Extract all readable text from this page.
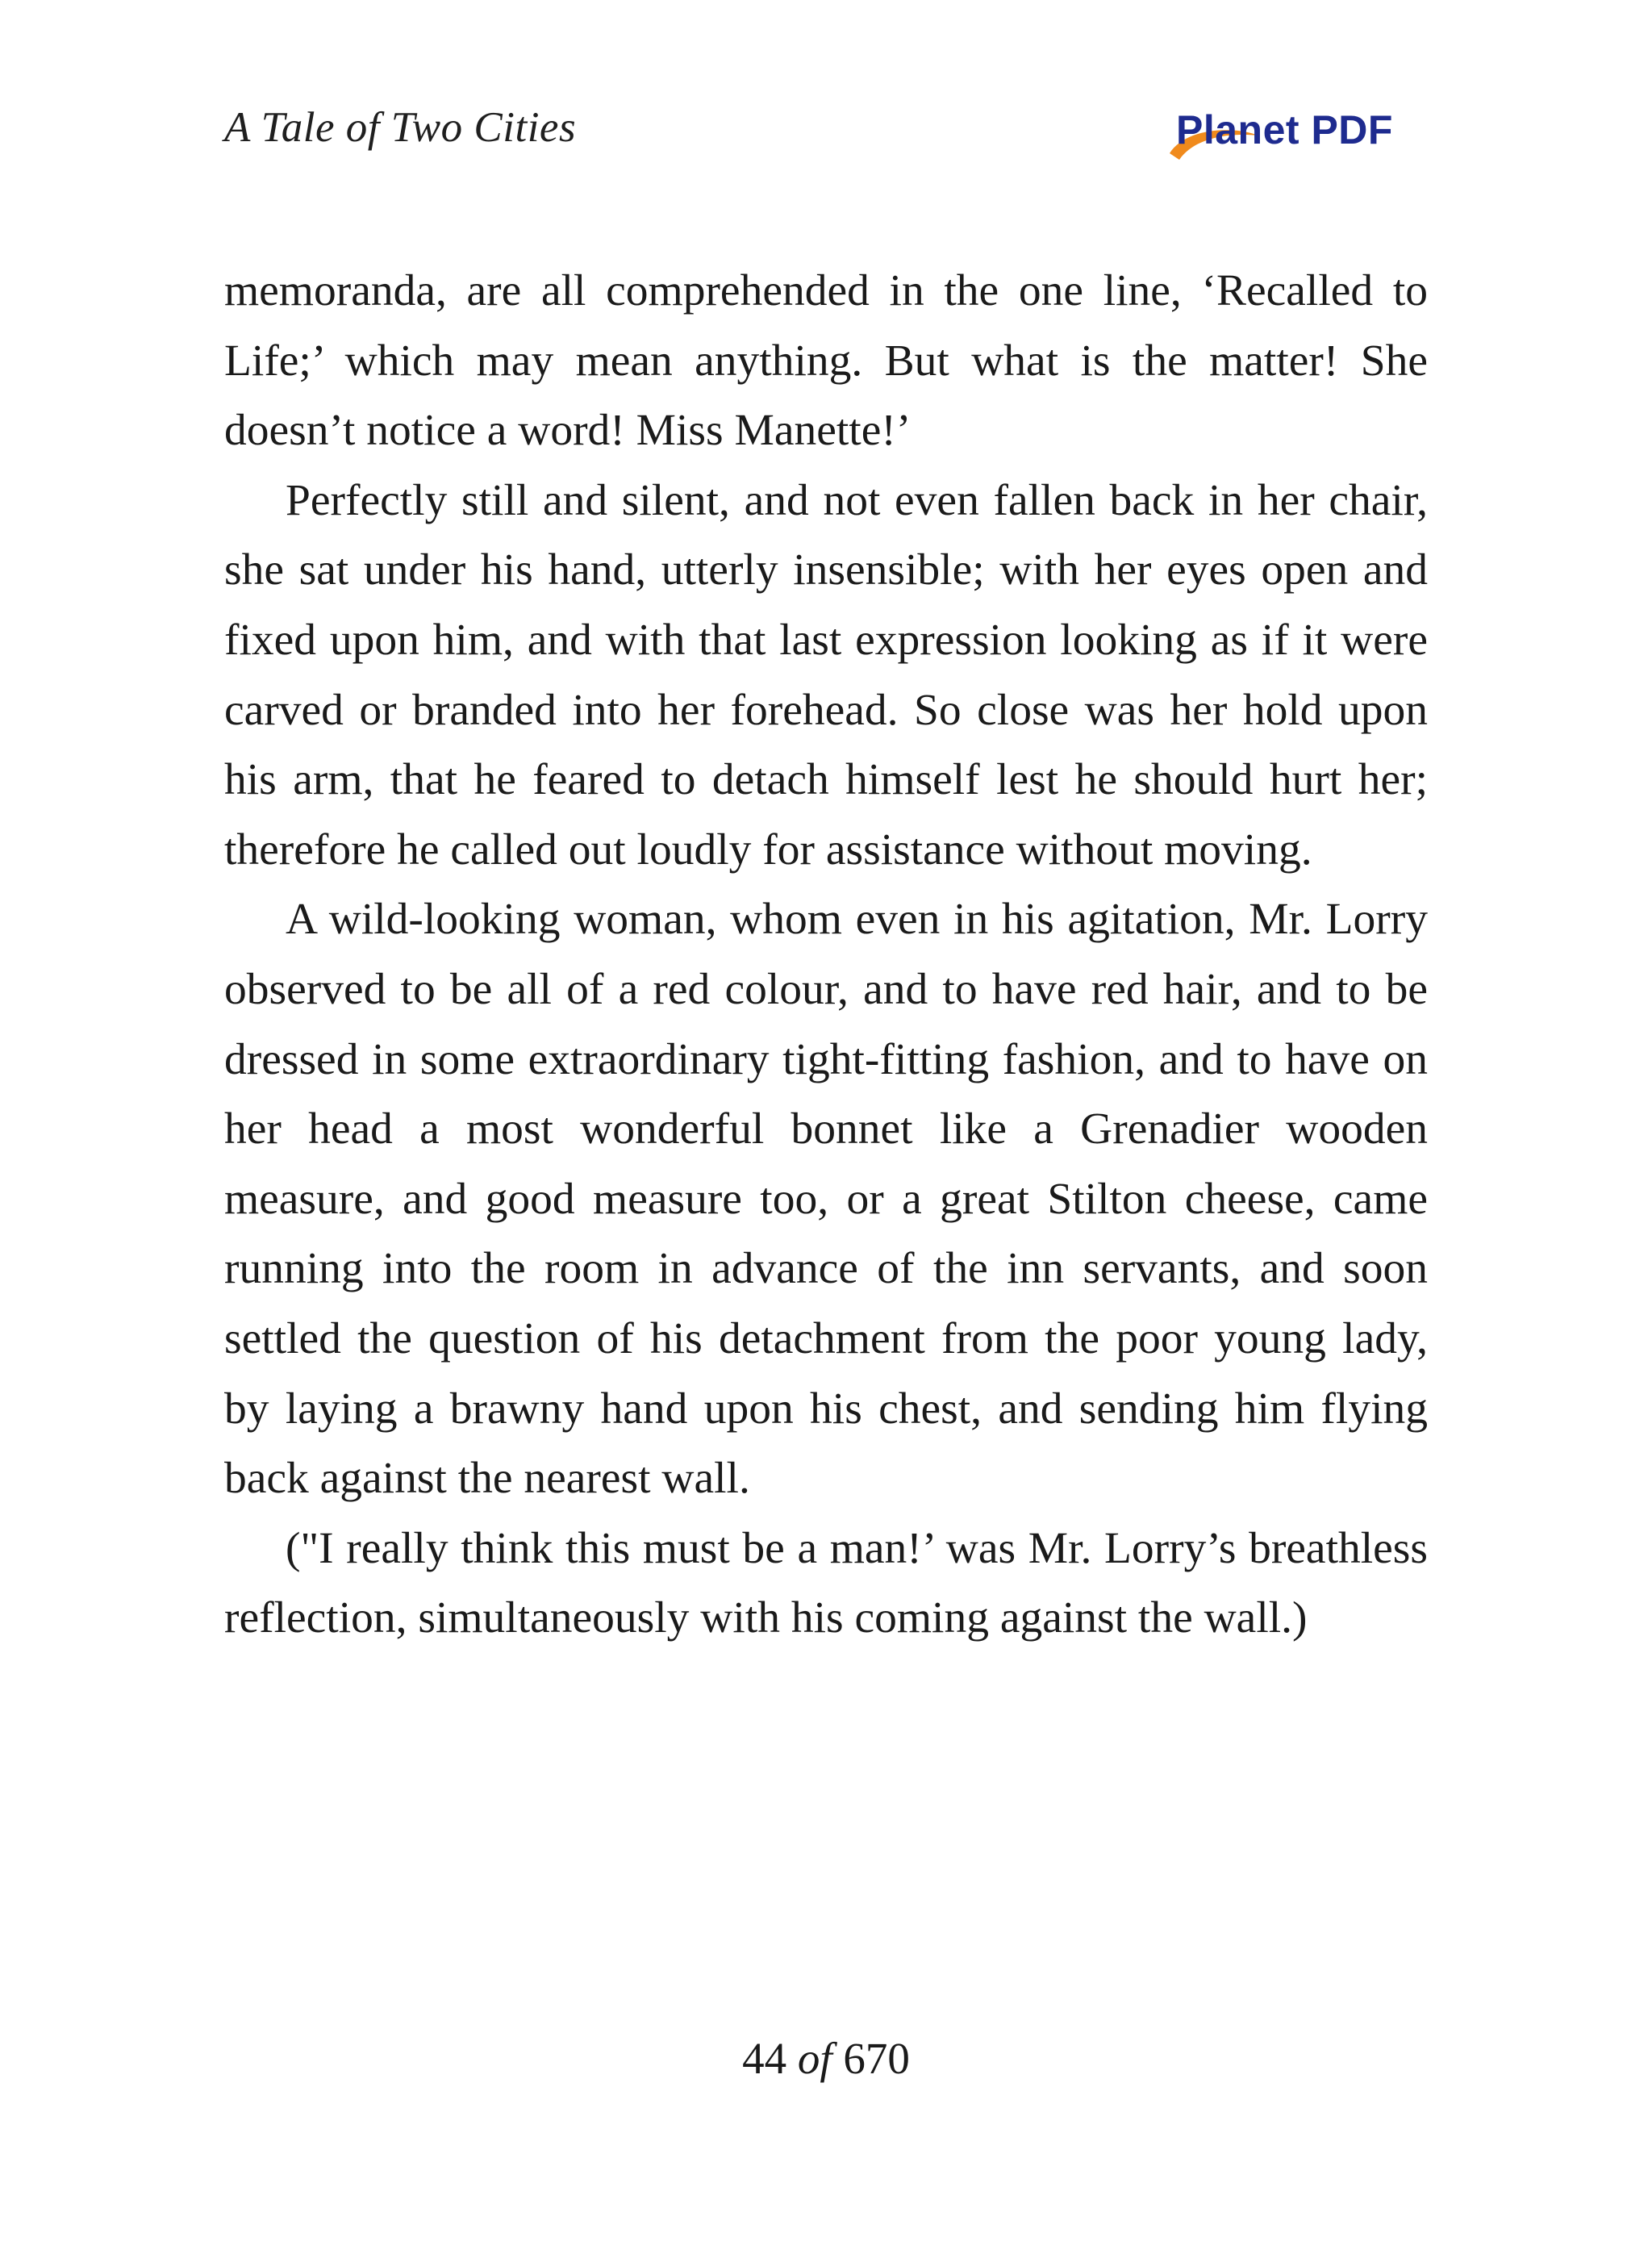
A Tale of Two Cities	Planet PDF

memoranda, are all comprehended in the one line, ‘Recalled to Life;’ which may mean anything. But what is the matter! She doesn’t notice a word! Miss Manette!’

Perfectly still and silent, and not even fallen back in her chair, she sat under his hand, utterly insensible; with her eyes open and fixed upon him, and with that last expression looking as if it were carved or branded into her forehead. So close was her hold upon his arm, that he feared to detach himself lest he should hurt her; therefore he called out loudly for assistance without moving.

A wild-looking woman, whom even in his agitation, Mr. Lorry observed to be all of a red colour, and to have red hair, and to be dressed in some extraordinary tight-fitting fashion, and to have on her head a most wonderful bonnet like a Grenadier wooden measure, and good measure too, or a great Stilton cheese, came running into the room in advance of the inn servants, and soon settled the question of his detachment from the poor young lady, by laying a brawny hand upon his chest, and sending him flying back against the nearest wall.

("I really think this must be a man!’ was Mr. Lorry’s breathless reflection, simultaneously with his coming against the wall.)

44 of 670
